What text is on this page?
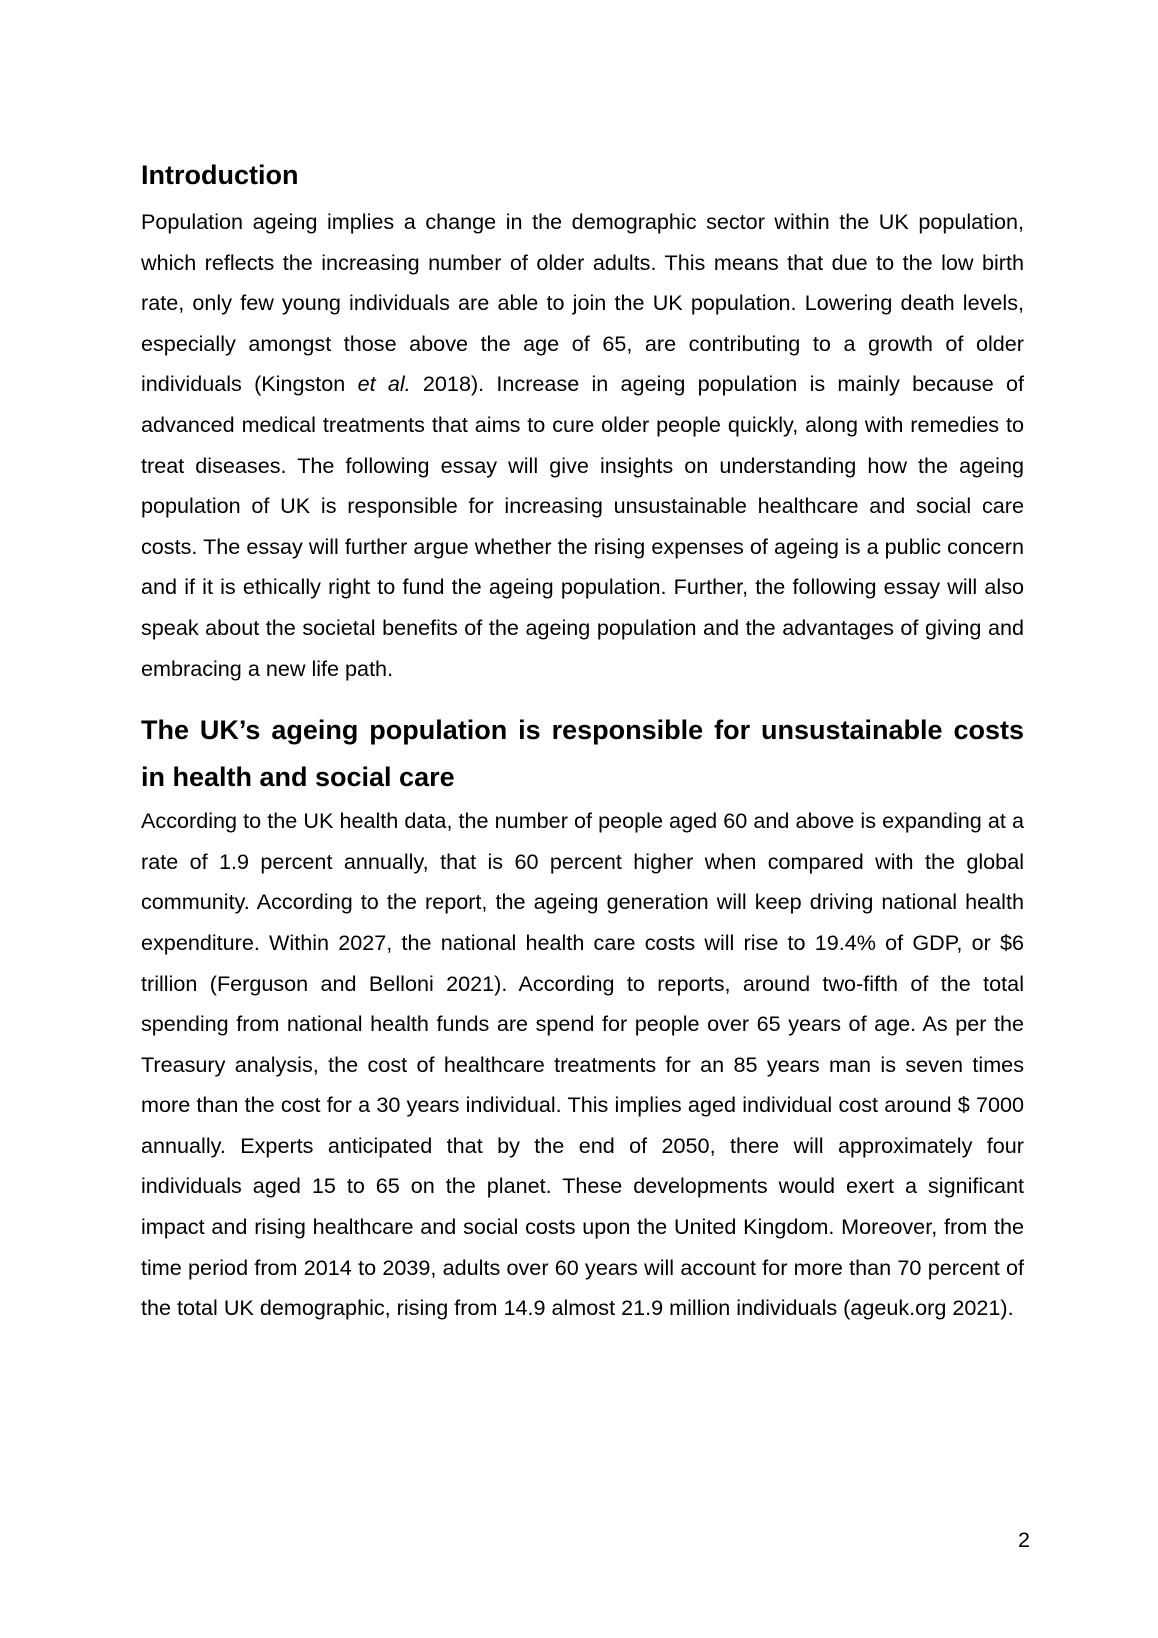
Introduction

Population ageing implies a change in the demographic sector within the UK population, which reflects the increasing number of older adults. This means that due to the low birth rate, only few young individuals are able to join the UK population. Lowering death levels, especially amongst those above the age of 65, are contributing to a growth of older individuals (Kingston et al. 2018). Increase in ageing population is mainly because of advanced medical treatments that aims to cure older people quickly, along with remedies to treat diseases. The following essay will give insights on understanding how the ageing population of UK is responsible for increasing unsustainable healthcare and social care costs. The essay will further argue whether the rising expenses of ageing is a public concern and if it is ethically right to fund the ageing population. Further, the following essay will also speak about the societal benefits of the ageing population and the advantages of giving and embracing a new life path.

The UK’s ageing population is responsible for unsustainable costs in health and social care

According to the UK health data, the number of people aged 60 and above is expanding at a rate of 1.9 percent annually, that is 60 percent higher when compared with the global community. According to the report, the ageing generation will keep driving national health expenditure. Within 2027, the national health care costs will rise to 19.4% of GDP, or $6 trillion (Ferguson and Belloni 2021). According to reports, around two-fifth of the total spending from national health funds are spend for people over 65 years of age. As per the Treasury analysis, the cost of healthcare treatments for an 85 years man is seven times more than the cost for a 30 years individual. This implies aged individual cost around $ 7000 annually. Experts anticipated that by the end of 2050, there will approximately four individuals aged 15 to 65 on the planet. These developments would exert a significant impact and rising healthcare and social costs upon the United Kingdom. Moreover, from the time period from 2014 to 2039, adults over 60 years will account for more than 70 percent of the total UK demographic, rising from 14.9 almost 21.9 million individuals (ageuk.org 2021).

2
